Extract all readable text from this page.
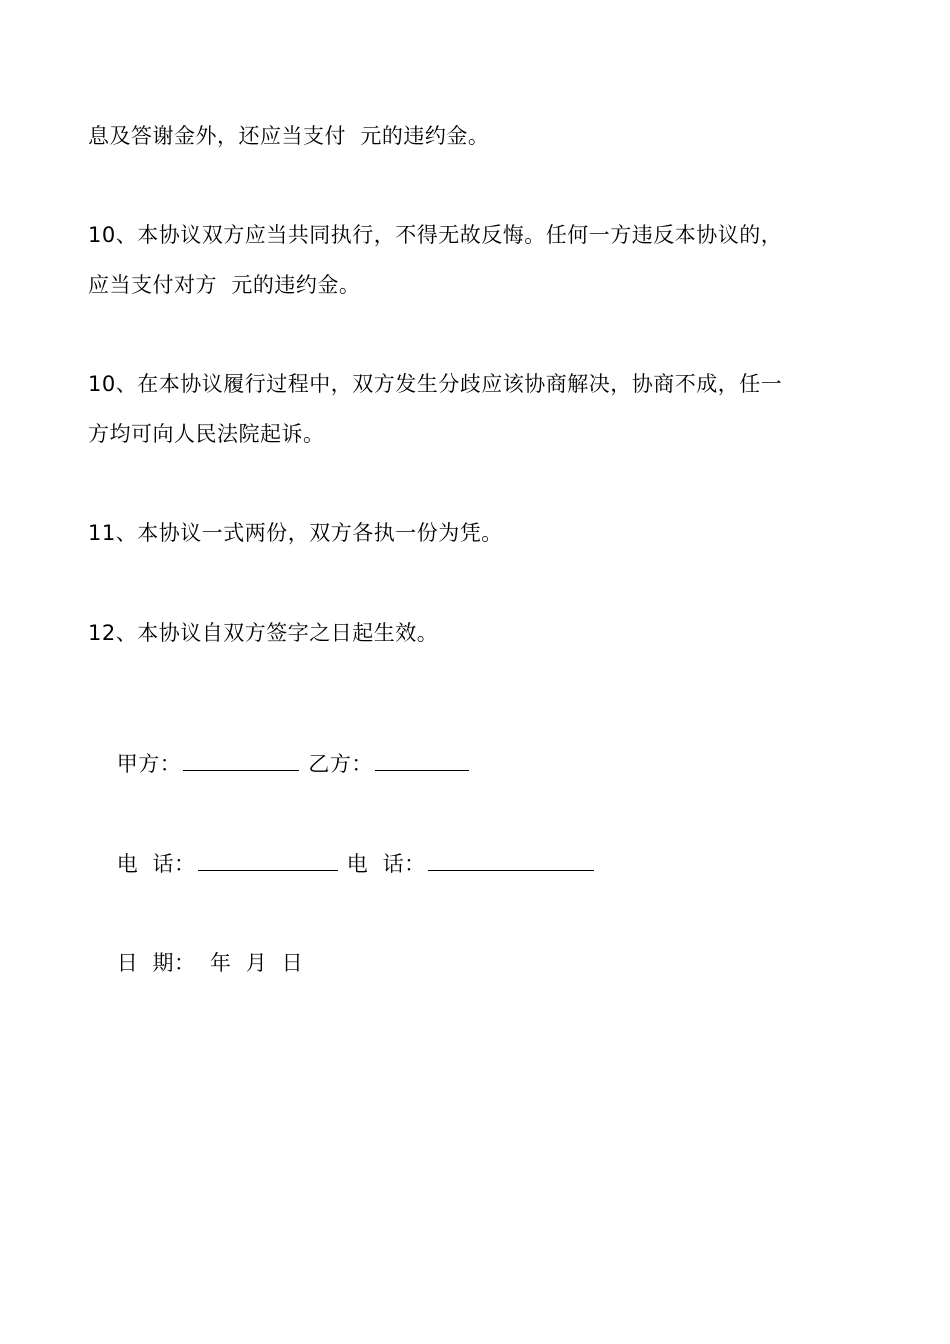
息及答谢金外，还应当支付  元的违约金。
10、本协议双方应当共同执行，不得无故反悔。任何一方违反本协议的，
应当支付对方  元的违约金。
10、在本协议履行过程中，双方发生分歧应该协商解决，协商不成，任一
方均可向人民法院起诉。
11、本协议一式两份，双方各执一份为凭。
12、本协议自双方签字之日起生效。

甲方：	乙方：

电  话：	电  话：

日  期： 年  月  日
